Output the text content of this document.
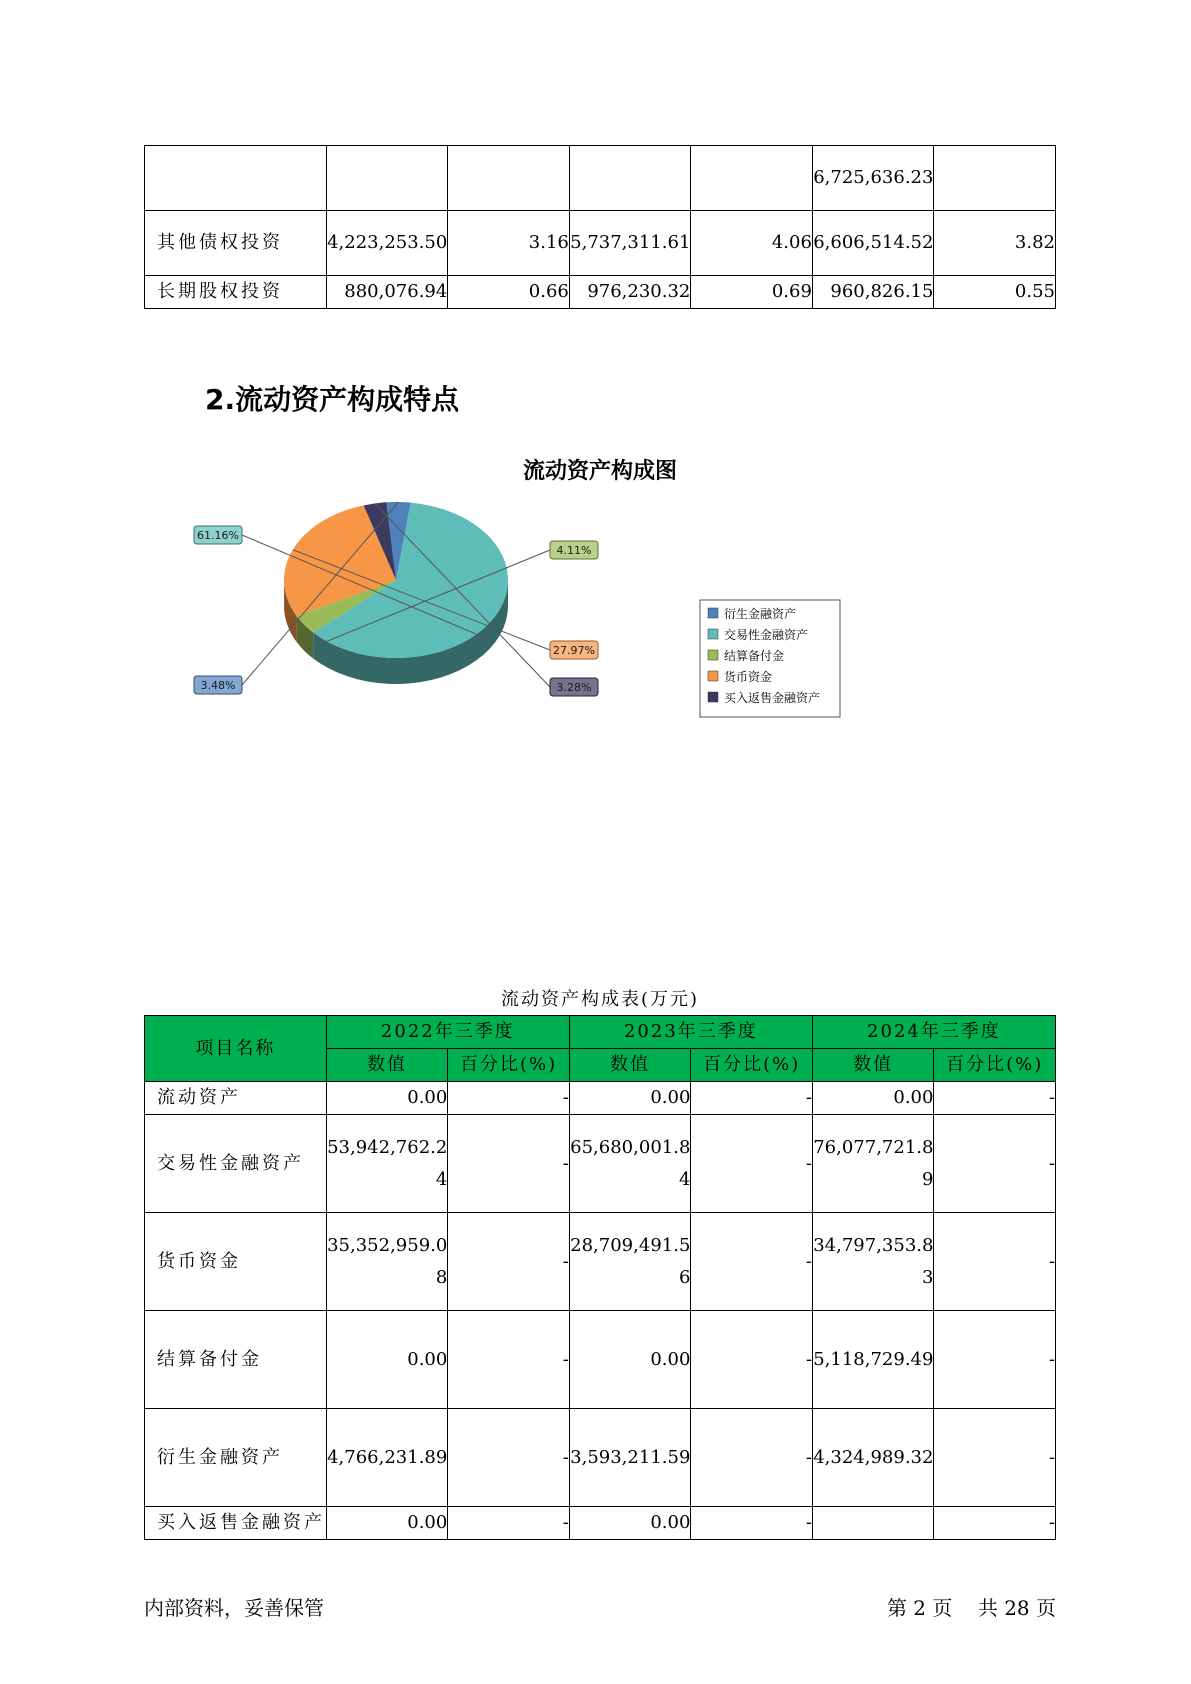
					6,725,636.23	
其他债权投资	4,223,253.50	3.16	5,737,311.61	4.06	6,606,514.52	3.82
长期股权投资	880,076.94	0.66	976,230.32	0.69	960,826.15	0.55
2.流动资产构成特点
流动资产构成图
3.48%
61.16%
4.11%
27.97%
3.28%
衍生金融资产
交易性金融资产
结算备付金
货币资金
买入返售金融资产
流动资产构成表(万元)
项目名称	2022年三季度		2023年三季度		2024年三季度	
	数值	百分比(%)	数值	百分比(%)	数值	百分比(%)
流动资产	0.00	-	0.00	-	0.00	-
交易性金融资产	53,942,762.24	-	65,680,001.84	-	76,077,721.89	-
货币资金	35,352,959.08	-	28,709,491.56	-	34,797,353.83	-
结算备付金	0.00	-	0.00	-	5,118,729.49	-
衍生金融资产	4,766,231.89	-	3,593,211.59	-	4,324,989.32	-
买入返售金融资产	0.00	-	0.00	-		-
内部资料，妥善保管	第 2 页 共 28 页
